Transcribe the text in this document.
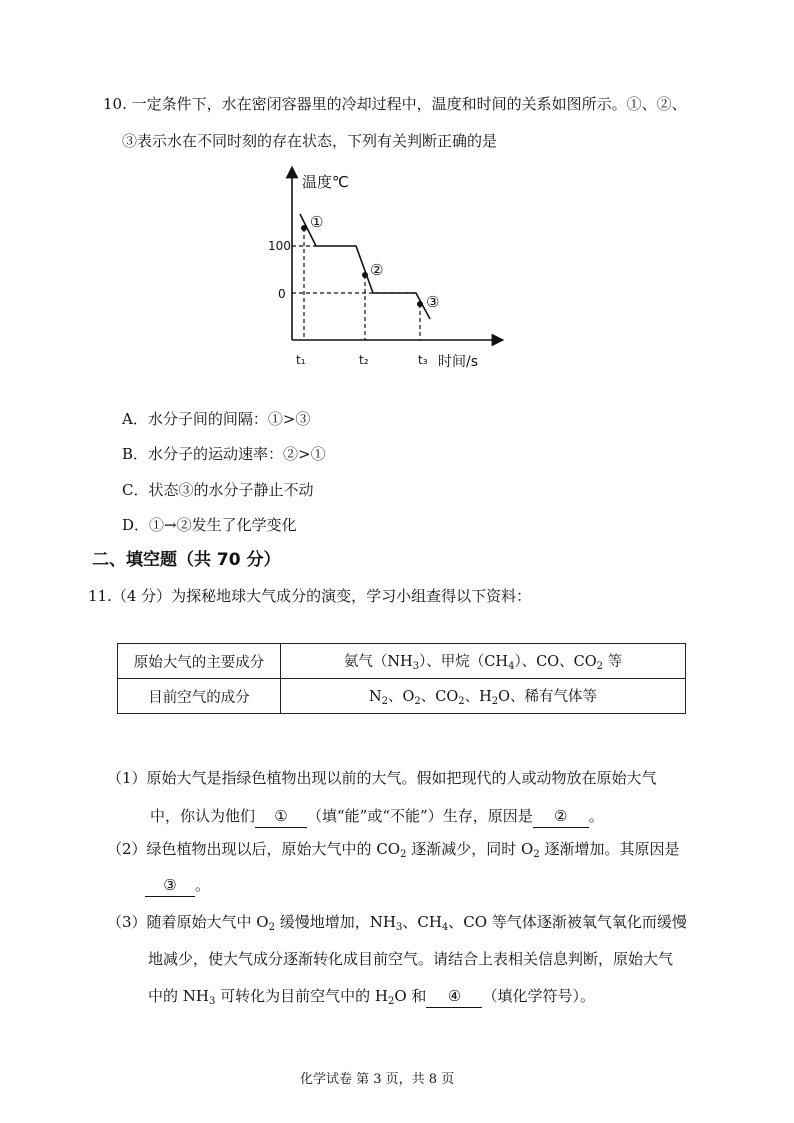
10. 一定条件下，水在密闭容器里的冷却过程中，温度和时间的关系如图所示。①、②、
③表示水在不同时刻的存在状态，下列有关判断正确的是
温度℃
时间/s
100
0
t₁	t₂	t₃
①
②
③
A．水分子间的间隔：①>③
B．水分子的运动速率：②>①
C．状态③的水分子静止不动
D．①→②发生了化学变化
二、填空题（共 70 分）
11.（4 分）为探秘地球大气成分的演变，学习小组查得以下资料：
原始大气的主要成分	氨气$(NH_3)$、甲烷$(CH_4)$、CO、$CO_2$ 等
目前空气的成分	$N_2$、$O_2$、$CO_2$、$H_2O$、稀有气体等
（1）原始大气是指绿色植物出现以前的大气。假如把现代的人或动物放在原始大气
中，你认为他们 ① （填“能”或“不能”）生存，原因是 ② 。
（2）绿色植物出现以后，原始大气中的 $CO_2$ 逐渐减少，同时 $O_2$ 逐渐增加。其原因是
③ 。
（3）随着原始大气中 $O_2$ 缓慢地增加，$NH_3$、$CH_4$、CO 等气体逐渐被氧气氧化而缓慢
地减少，使大气成分逐渐转化成目前空气。请结合上表相关信息判断，原始大气
中的 $NH_3$ 可转化为目前空气中的 $H_2O$ 和 ④ （填化学符号）。
化学试卷 第 3 页，共 8 页
